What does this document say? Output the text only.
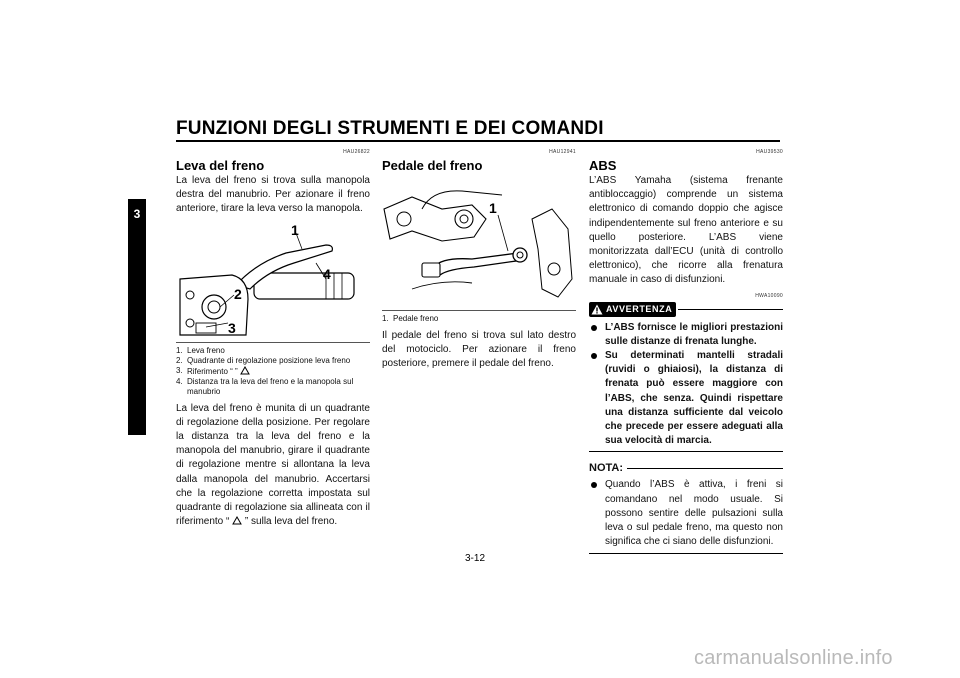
FUNZIONI DEGLI STRUMENTI E DEI COMANDI
3
HAU26822
Leva del freno

La leva del freno si trova sulla manopola destra del manubrio. Per azionare il freno anteriore, tirare la leva verso la manopola.

1
2
3
4
1. Leva freno
2. Quadrante di regolazione posizione leva freno
3. Riferimento “ ”
4. Distanza tra la leva del freno e la manopola sul manubrio

La leva del freno è munita di un quadrante di regolazione della posizione. Per regolare la distanza tra la leva del freno e la manopola del manubrio, girare il quadrante di regolazione mentre si allontana la leva dalla manopola del manubrio. Accertarsi che la regolazione corretta impostata sul quadrante di regolazione sia allineata con il riferimento “ ” sulla leva del freno.

HAU12941
Pedale del freno
1
1. Pedale freno

Il pedale del freno si trova sul lato destro del motociclo. Per azionare il freno posteriore, premere il pedale del freno.

HAU39530
ABS

L’ABS Yamaha (sistema frenante antibloccaggio) comprende un sistema elettronico di comando doppio che agisce indipendentemente sul freno anteriore e su quello posteriore. L’ABS viene monitorizzata dall’ECU (unità di controllo elettronico), che ricorre alla frenatura manuale in caso di disfunzioni.

HWA10090
AVVERTENZA
L’ABS fornisce le migliori prestazioni sulle distanze di frenata lunghe.
Su determinati mantelli stradali (ruvidi o ghiaiosi), la distanza di frenata può essere maggiore con l’ABS, che senza. Quindi rispettare una distanza sufficiente dal veicolo che precede per essere adeguati alla sua velocità di marcia.
NOTA:
Quando l’ABS è attiva, i freni si comandano nel modo usuale. Si possono sentire delle pulsazioni sulla leva o sul pedale freno, ma questo non significa che ci siano delle disfunzioni.
3-12
carmanualsonline.info
